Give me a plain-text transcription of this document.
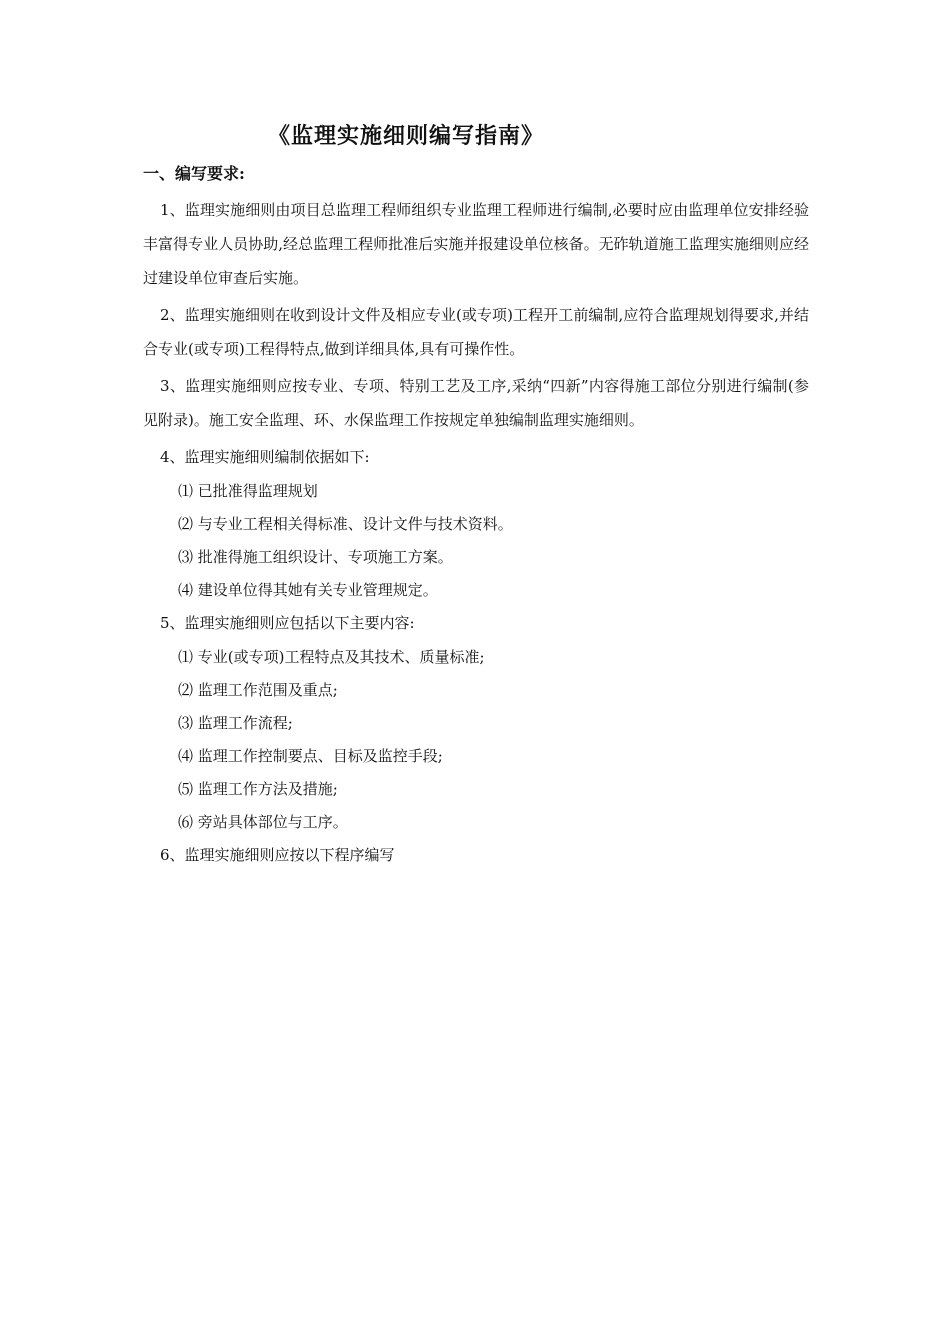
《监理实施细则编写指南》
一、编写要求:
1、监理实施细则由项目总监理工程师组织专业监理工程师进行编制,必要时应由监理单位安排经验丰富得专业人员协助,经总监理工程师批准后实施并报建设单位核备。无砟轨道施工监理实施细则应经过建设单位审查后实施。
2、监理实施细则在收到设计文件及相应专业(或专项)工程开工前编制,应符合监理规划得要求,并结合专业(或专项)工程得特点,做到详细具体,具有可操作性。
3、监理实施细则应按专业、专项、特别工艺及工序,采纳“四新”内容得施工部位分别进行编制(参见附录)。施工安全监理、环、水保监理工作按规定单独编制监理实施细则。
4、监理实施细则编制依据如下:
⑴ 已批准得监理规划
⑵ 与专业工程相关得标准、设计文件与技术资料。
⑶ 批准得施工组织设计、专项施工方案。
⑷ 建设单位得其她有关专业管理规定。
5、监理实施细则应包括以下主要内容:
⑴ 专业(或专项)工程特点及其技术、质量标准;
⑵ 监理工作范围及重点;
⑶ 监理工作流程;
⑷ 监理工作控制要点、目标及监控手段;
⑸ 监理工作方法及措施;
⑹ 旁站具体部位与工序。
6、监理实施细则应按以下程序编写
